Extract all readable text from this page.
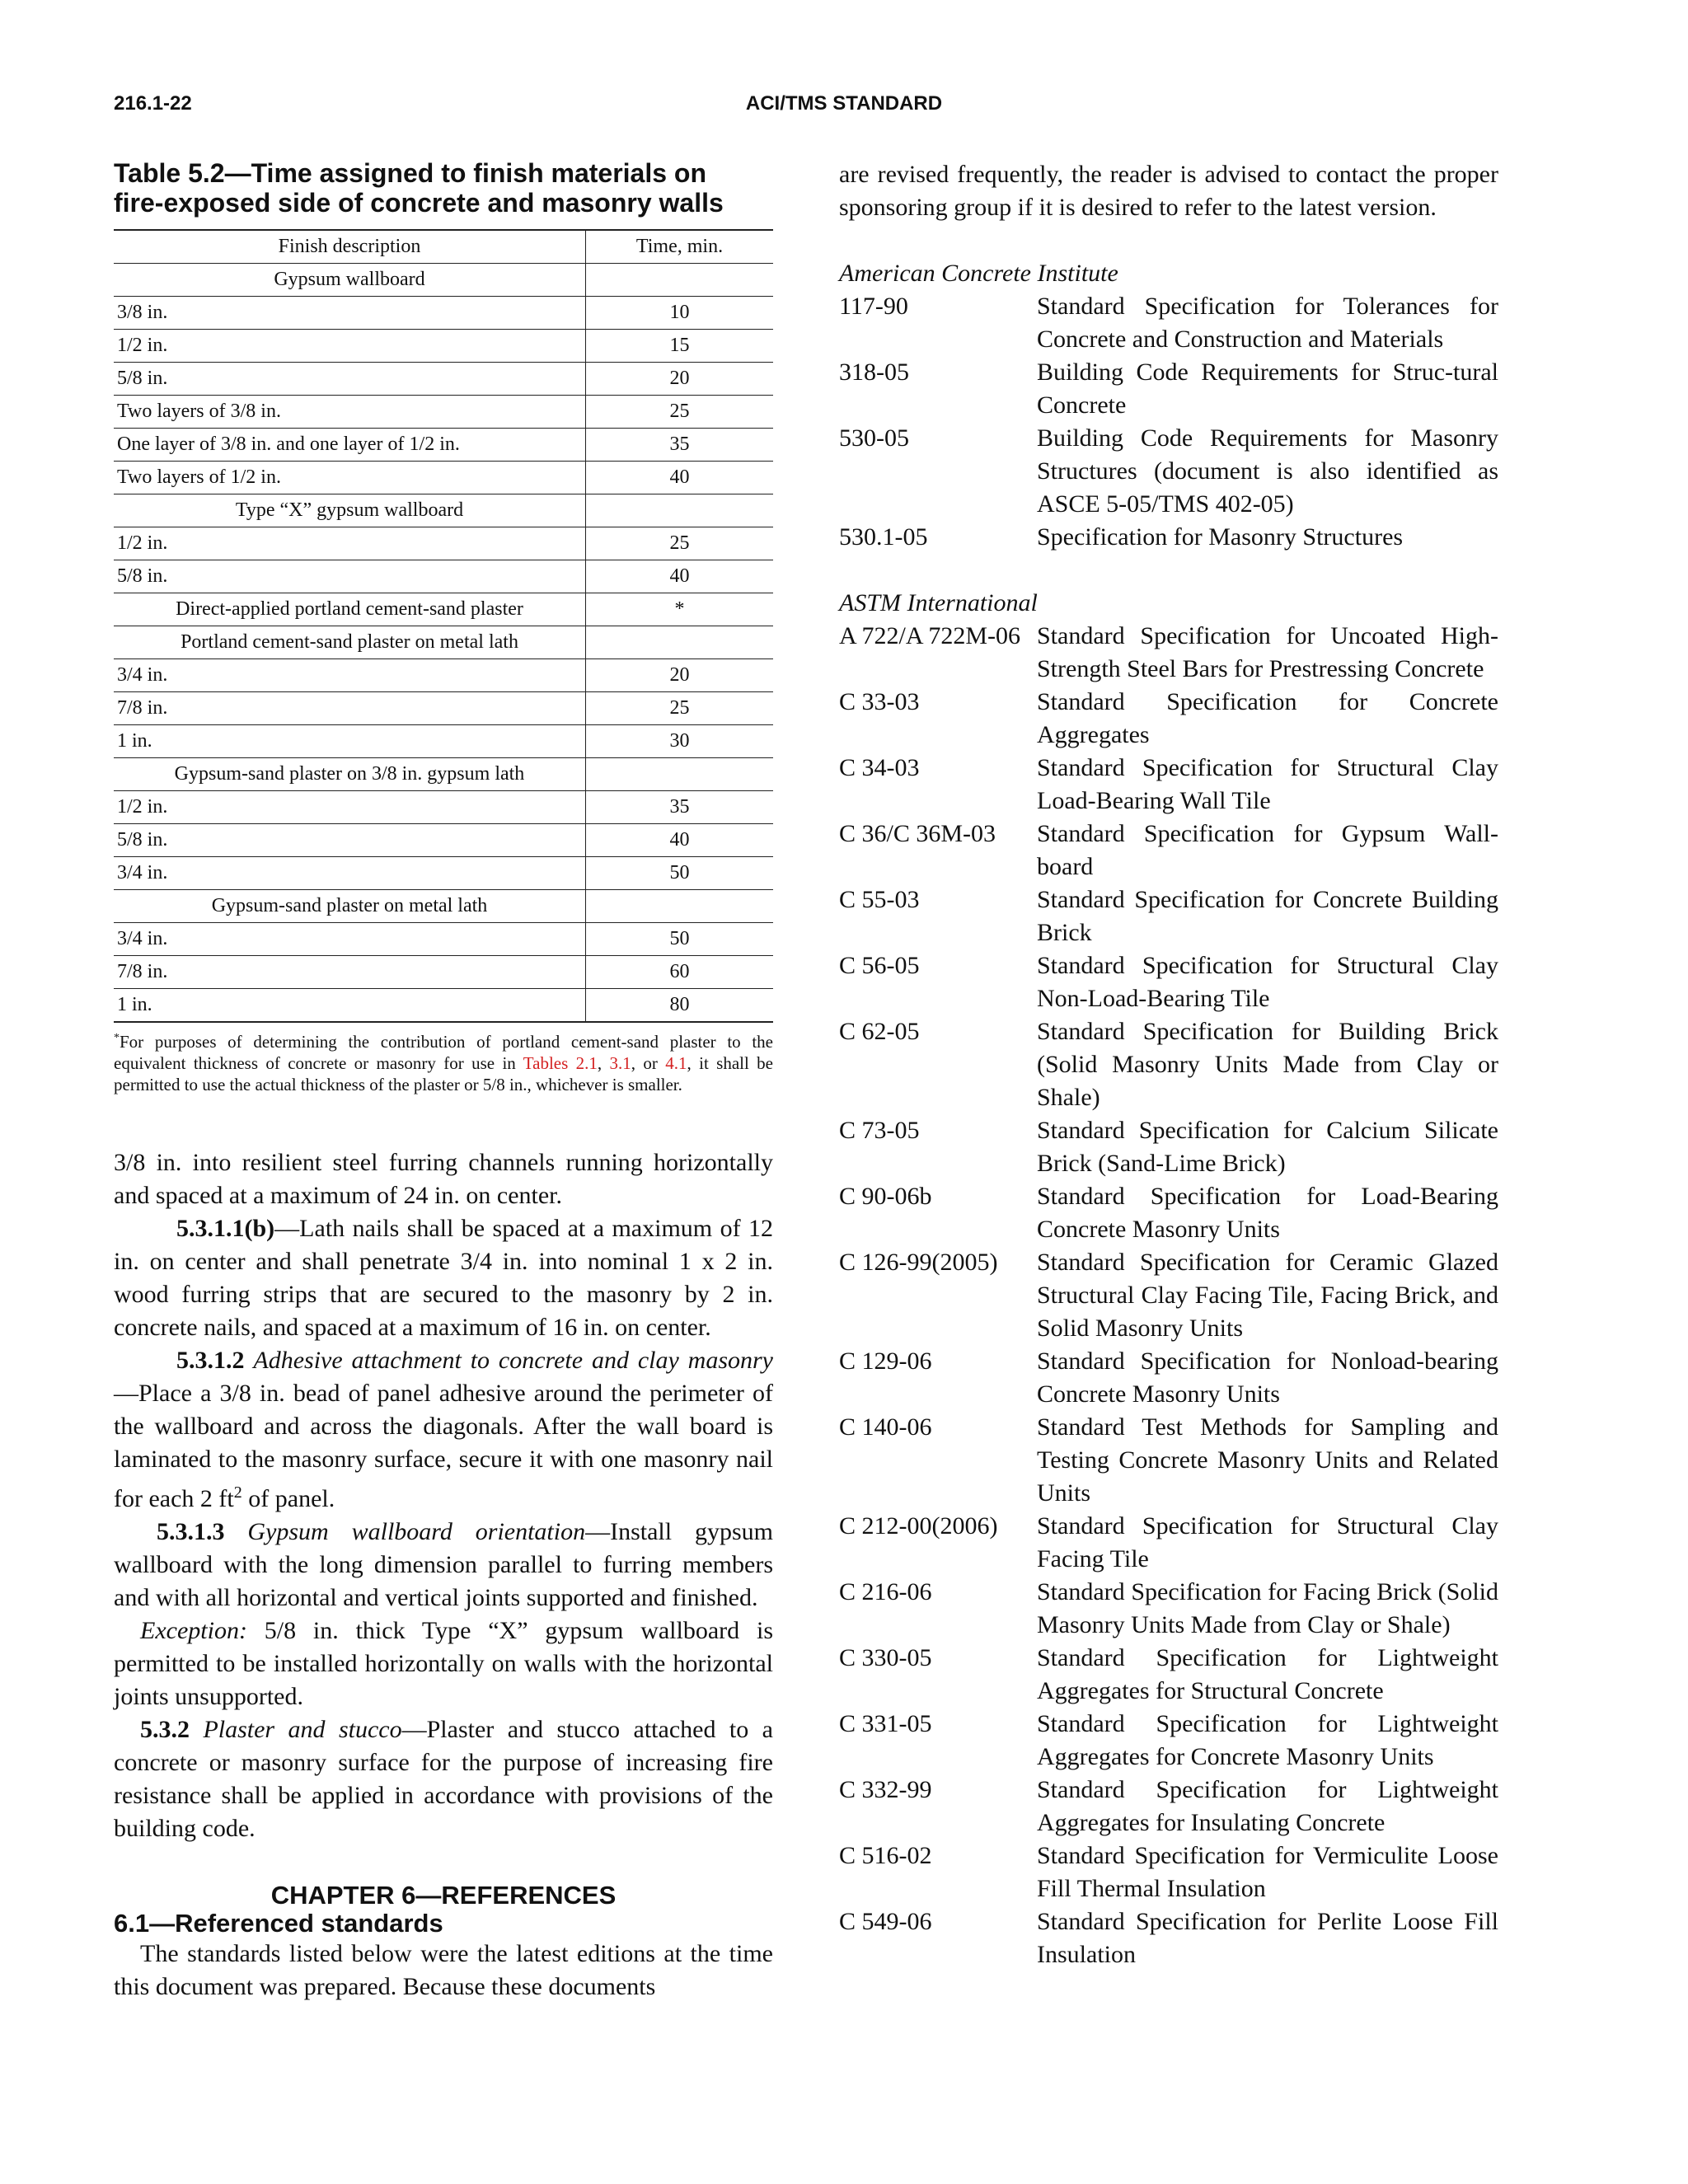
216.1-22	ACI/TMS STANDARD
Table 5.2—Time assigned to finish materials on
fire-exposed side of concrete and masonry walls
Finish description	Time, min.
Gypsum wallboard	
3/8 in.	10
1/2 in.	15
5/8 in.	20
Two layers of 3/8 in.	25
One layer of 3/8 in. and one layer of 1/2 in.	35
Two layers of 1/2 in.	40
Type “X” gypsum wallboard	
1/2 in.	25
5/8 in.	40
Direct-applied portland cement-sand plaster	*
Portland cement-sand plaster on metal lath	
3/4 in.	20
7/8 in.	25
1 in.	30
Gypsum-sand plaster on 3/8 in. gypsum lath	
1/2 in.	35
5/8 in.	40
3/4 in.	50
Gypsum-sand plaster on metal lath	
3/4 in.	50
7/8 in.	60
1 in.	80
*For purposes of determining the contribution of portland cement-sand plaster to the equivalent thickness of concrete or masonry for use in Tables 2.1, 3.1, or 4.1, it shall be permitted to use the actual thickness of the plaster or 5/8 in., whichever is smaller.

3/8 in. into resilient steel furring channels running horizontally and spaced at a maximum of 24 in. on center.

5.3.1.1(b)—Lath nails shall be spaced at a maximum of 12 in. on center and shall penetrate 3/4 in. into nominal 1 x 2 in. wood furring strips that are secured to the masonry by 2 in. concrete nails, and spaced at a maximum of 16 in. on center.

5.3.1.2 Adhesive attachment to concrete and clay masonry—Place a 3/8 in. bead of panel adhesive around the perimeter of the wallboard and across the diagonals. After the wall board is laminated to the masonry surface, secure it with one masonry nail for each 2 $ft^2$ of panel.

5.3.1.3 Gypsum wallboard orientation—Install gypsum wallboard with the long dimension parallel to furring members and with all horizontal and vertical joints supported and finished.

Exception: 5/8 in. thick Type “X” gypsum wallboard is permitted to be installed horizontally on walls with the horizontal joints unsupported.

5.3.2 Plaster and stucco—Plaster and stucco attached to a concrete or masonry surface for the purpose of increasing fire resistance shall be applied in accordance with provisions of the building code.

CHAPTER 6—REFERENCES
6.1—Referenced standards

The standards listed below were the latest editions at the time this document was prepared. Because these documents

are revised frequently, the reader is advised to contact the proper sponsoring group if it is desired to refer to the latest version.

American Concrete Institute

117-90	Standard Specification for Tolerances for Concrete and Construction and Materials
318-05	Building Code Requirements for Struc-tural Concrete
530-05	Building Code Requirements for Masonry Structures (document is also identified as ASCE 5-05/TMS 402-05)
530.1-05	Specification for Masonry Structures

ASTM International

A 722/A 722M-06 Standard Specification for Uncoated High-Strength Steel Bars for Prestressing Concrete
C 33-03	Standard Specification for Concrete Aggregates
C 34-03	Standard Specification for Structural Clay Load-Bearing Wall Tile
C 36/C 36M-03	Standard Specification for Gypsum Wall-board
C 55-03	Standard Specification for Concrete Building Brick
C 56-05	Standard Specification for Structural Clay Non-Load-Bearing Tile
C 62-05	Standard Specification for Building Brick (Solid Masonry Units Made from Clay or Shale)
C 73-05	Standard Specification for Calcium Silicate Brick (Sand-Lime Brick)
C 90-06b	Standard Specification for Load-Bearing Concrete Masonry Units
C 126-99(2005)	Standard Specification for Ceramic Glazed Structural Clay Facing Tile, Facing Brick, and Solid Masonry Units
C 129-06	Standard Specification for Nonload-bearing Concrete Masonry Units
C 140-06	Standard Test Methods for Sampling and Testing Concrete Masonry Units and Related Units
C 212-00(2006)	Standard Specification for Structural Clay Facing Tile
C 216-06	Standard Specification for Facing Brick (Solid Masonry Units Made from Clay or Shale)
C 330-05	Standard Specification for Lightweight Aggregates for Structural Concrete
C 331-05	Standard Specification for Lightweight Aggregates for Concrete Masonry Units
C 332-99	Standard Specification for Lightweight Aggregates for Insulating Concrete
C 516-02	Standard Specification for Vermiculite Loose Fill Thermal Insulation
C 549-06	Standard Specification for Perlite Loose Fill Insulation
